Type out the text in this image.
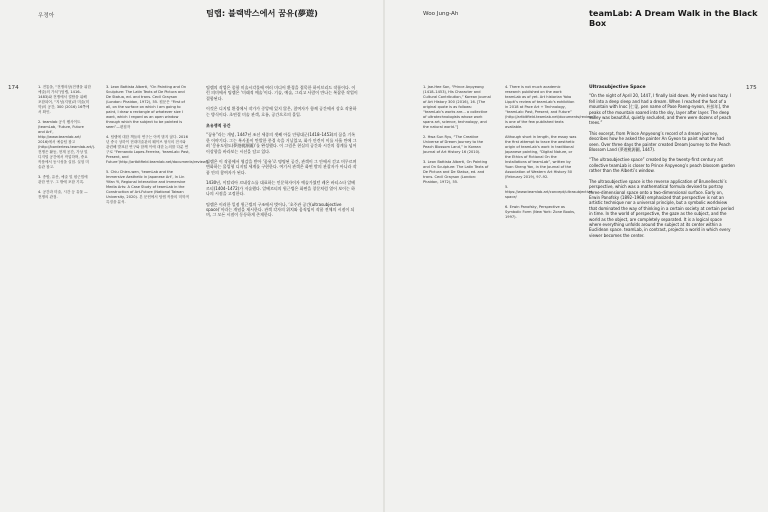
우정아	팀랩: 블랙박스에서 꿈유(夢遊)
174	1. 전통을, “전쟁의상(전쟁을 위한 예술)의 가치”(팀랩, 1416–1483)와 전쟁에서 결합을 위해 포함되어, “지성(지형)과 미술(미학)의 공간, 300 (2016) 16쪽에서 확인.

2. teamlab 공식 웹사이트(teamLab, ‘Future, Future and Art’, http://www.teamlab.art/ 2016)에서 예술팀 참고 (http://borderless.teamlab.art/). 전쟁은 활동, 현재 공간, 가상 및 디지털 공간에서 작업하며, 중요 작품에서 동시성을 실험. 실험 미술관 참고.

3. 종합, 유산, 예술 및 원근법에 관한 연구. 그 밖에 포함 기록.

4. 공간과 미술, 시간 등 유물 — 전쟁의 관점.

3. Leon Battista Alberti, “On Painting and On Sculpture: The Latin Texts of De Pictura and De Statua, ed. and trans. Cecil Grayson (London: Phaidon, 1972), 55. 원문은 “First of all, on the surface on which I am going to paint, I draw a rectangle of whatever size I want, which I regard as an open window through which the subject to be painted is seen”—편집자

4. 팀랩에 대한 책들의 연구는 아직 많지 않다. 2016년 중국 상하이 현대미술관의 웨이브 형식의 전시와 관련해 발표된 연구와 함께 이에 대한 논의를 다룬 연구로 “Fernando Lopes-Ferreira, ‘teamLab: Past, Present, and Future’(http://artbitfield.teamlab.net/documents/review/).

5. Chiu Chien-wen, ‘teamLab and the Immersive Aesthetic in Japanese Art’, In Lin Yifan Yi, Regional Interactive and Immersive Media Arts: A Case Study of teamLab in the Construction of Art-Future (National Taiwan University, 2020). 본 문헌에서 팀랩 작품의 미학적 특징을 분석.

팀랩의 작업은 종합 미술시각물에 여러 미디어 환경을 접목한 하이브리드 작품이다. 이런 의미에서 팀랩은 ‘미래적 예술’이다. 기술, 예술, 그리고 사람이 만나는 복잡한 작업이 결합된다.

이것은 디지털 환경에서 작가가 중앙에 있지 않은, 참여자가 함께 공간에서 상호 작용하는 방식이다. 초연결 미술 관객, 흐름, 공간으로의 몰입.

초유쟁적 공간

“꿈유”라는 개념, 1447년 조선 세종의 셋째 아들 안평대군(1418–1453)의 꿈을 기록한 이야기다. 그는 복사꽃이 만발한 풍경 속을 거닐었고, 화가 안견이 이를 사흘 만에 그려 ‘몽유도원도(夢遊桃源圖)’를 완성했다. 이 그림은 현실의 공간과 시간의 경계를 넘어 이상향을 바라보는 시선을 담고 있다.

팀랩은 이 작품에서 영감을 받아 ‘꿈유’로 명명된 공간, 관객이 그 안에서 걷고 머무르며 변화하는 몰입형 디지털 세계를 구현한다. 여기서 관객은 화면 밖의 관찰자가 아니라 작품 안의 참여자가 된다.

1430년, 이탈리아 르네상스를 대표하는 인문학자이자 예술가였던 레온 바티스타 알베르티(1404–1472)가 저술했다. 알베르티의 원근법은 화면을 창문처럼 열어 보이는 하나의 시점을 고정한다.

팀랩은 이러한 일점 원근법의 구조에서 벗어나, ‘초주관 공간(ultrasubjective space)’이라는 개념을 제시한다. 관객 각자의 위치와 움직임이 작품 전체의 시점이 되며, 그 모든 시점이 동등하게 존재한다.

Woo Jung-Ah	teamLab: A Dream Walk in the Black Box
175

1. Jae-Hee Son, “Prince Anpyeong (1418–1453), His Character and Cultural Contribution,” Korean Journal of Art History 300 (2016), 16. [The original quote is as follows: “teamLab’s works are... a collective of ultratechnologists whose work spans art, science, technology, and the natural world.”]

2. Hwa Sun Ryu, “The Creative Universe of Dream Journey to the Peach Blossom Land,” in Korean Journal of Art History 16 (2010).

3. Leon Battista Alberti, On Painting and On Sculpture: The Latin Texts of De Pictura and De Statua, ed. and trans. Cecil Grayson (London: Phaidon, 1972), 55.

4. There is not much academic research published on the work teamLab as of yet. Art historian Yoko Lippit’s review of teamLab’s exhibition in 2018 at Pace Art + Technology, “teamLab: Past, Present, and Future” (http://artbitfield.teamlab.net/documents/review/) is one of the few published texts available.

Although short in length, the essay was the first attempt to trace the aesthetic origin of teamLab’s work in traditional Japanese painting, “Digital Nature, or the Ethics of Fictional On the Installations of teamLab”, written by Yuan Sheng Yan, in the Journal of the Association of Western Art History 50 (February 2019), 97–92.

5. https://www.teamlab.art/concept/ultrasubjective-space/

6. Erwin Panofsky, Perspective as Symbolic Form (New York: Zone Books, 1997).

Ultrasubjective Space

“On the night of April 20, 1447, I finally laid down. My mind was hazy. I fell into a deep sleep and had a dream. When I reached the foot of a mountain with Inoc [仁叟, pen name of Pase Paeng-nyeon, 朴彭年], the peaks of the mountain soared into the sky, layer after layer. The deep valley was beautiful, quietly secluded, and there were dozens of peach trees.”

This excerpt, from Prince Anpyeong’s record of a dream journey, describes how he asked the painter An Gyeon to paint what he had seen. Over three days the painter created Dream Journey to the Peach Blossom Land (夢遊桃源圖, 1447).

“The ultrasubjective space” created by the twenty-first century art collective teamLab is closer to Prince Anpyeong’s peach blossom garden rather than the Alberti’s window.

The ultrasubjective space is the reverse application of Brunelleschi’s perspective, which was a mathematical formula devised to portray three-dimensional space onto a two-dimensional surface. Early on, Erwin Panofsky (1892–1968) emphasized that perspective is not an artistic technique nor a universal principle, but a symbolic worldview that dominated the way of thinking in a certain society at certain period in time. In the world of perspective, the gaze as the subject, and the world as the object, are completely separated. It is a logical space where everything unfolds around the subject at its center within a Euclidean space. teamLab, in contrast, projects a world in which every viewer becomes the center.
